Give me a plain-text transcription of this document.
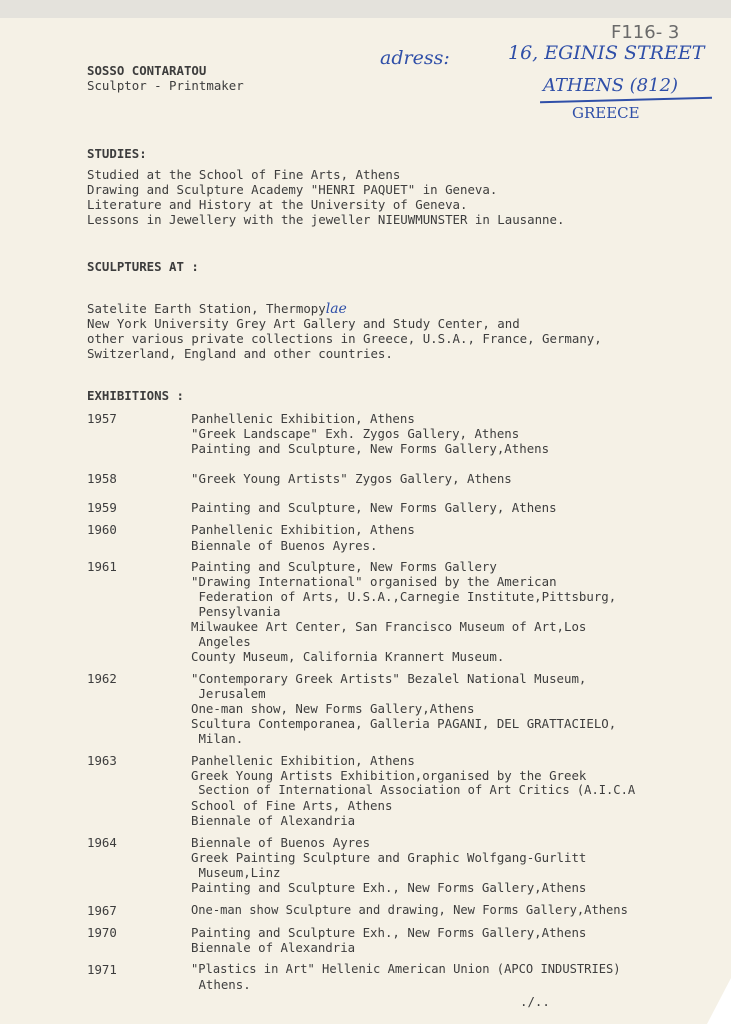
F116- 3
adress:	16, EGINIS STREET
ATHENS (812)
GREECE
SOSSO CONTARATOU
Sculptor - Printmaker
STUDIES:
Studied at the School of Fine Arts, Athens
Drawing and Sculpture Academy "HENRI PAQUET" in Geneva.
Literature and History at the University of Geneva.
Lessons in Jewellery with the jeweller NIEUWMUNSTER in Lausanne.
SCULPTURES AT :
Satelite Earth Station, Thermopylae
New York University Grey Art Gallery and Study Center, and
other various private collections in Greece, U.S.A., France, Germany,
Switzerland, England and other countries.
EXHIBITIONS :
1957	Panhellenic Exhibition, Athens
"Greek Landscape" Exh. Zygos Gallery, Athens
Painting and Sculpture, New Forms Gallery,Athens
1958	"Greek Young Artists" Zygos Gallery, Athens
1959	Painting and Sculpture, New Forms Gallery, Athens
1960	Panhellenic Exhibition, Athens
Biennale of Buenos Ayres.
1961	Painting and Sculpture, New Forms Gallery
"Drawing International" organised by the American
Federation of Arts, U.S.A.,Carnegie Institute,Pittsburg,
Pensylvania
Milwaukee Art Center, San Francisco Museum of Art,Los
Angeles
County Museum, California Krannert Museum.
1962	"Contemporary Greek Artists" Bezalel National Museum,
Jerusalem
One-man show, New Forms Gallery,Athens
Scultura Contemporanea, Galleria PAGANI, DEL GRATTACIELO,
Milan.
1963	Panhellenic Exhibition, Athens
Greek Young Artists Exhibition,organised by the Greek
Section of International Association of Art Critics (A.I.C.A
School of Fine Arts, Athens
Biennale of Alexandria
1964	Biennale of Buenos Ayres
Greek Painting Sculpture and Graphic Wolfgang-Gurlitt
Museum,Linz
Painting and Sculpture Exh., New Forms Gallery,Athens
1967	One-man show Sculpture and drawing, New Forms Gallery,Athens
1970	Painting and Sculpture Exh., New Forms Gallery,Athens
Biennale of Alexandria
1971	"Plastics in Art" Hellenic American Union (APCO INDUSTRIES)
Athens.
./..
